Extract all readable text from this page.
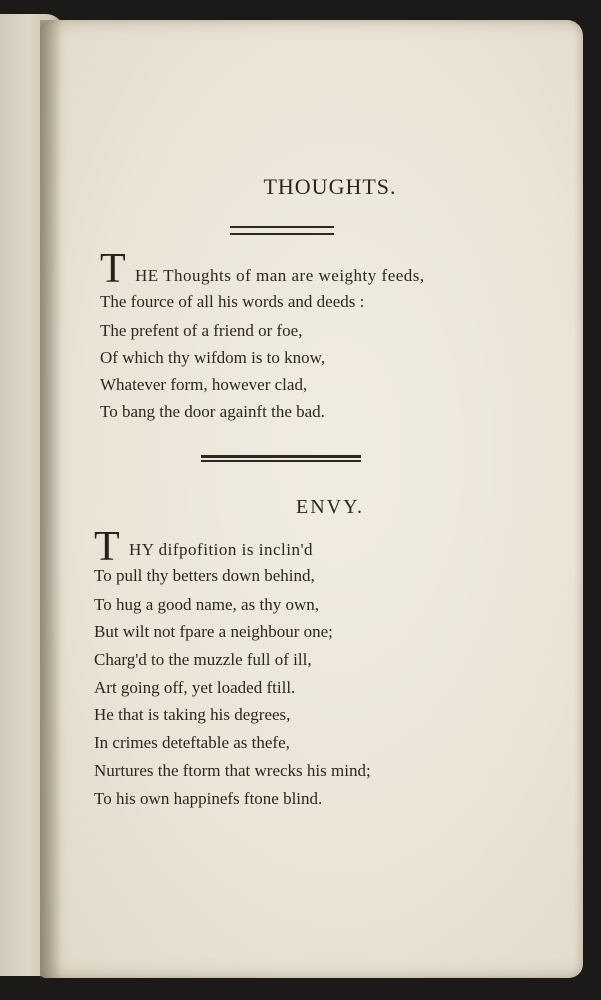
THOUGHTS.
T HE Thoughts of man are weighty feeds,
The fource of all his words and deeds :
The prefent of a friend or foe,
Of which thy wifdom is to know,
Whatever form, however clad,
To bang the door againft the bad.
ENVY.
T HY difpofition is inclin'd
To pull thy betters down behind,
To hug a good name, as thy own,
But wilt not fpare a neighbour one;
Charg'd to the muzzle full of ill,
Art going off, yet loaded ftill.
He that is taking his degrees,
In crimes deteftable as thefe,
Nurtures the ftorm that wrecks his mind;
To his own happinefs ftone blind.
